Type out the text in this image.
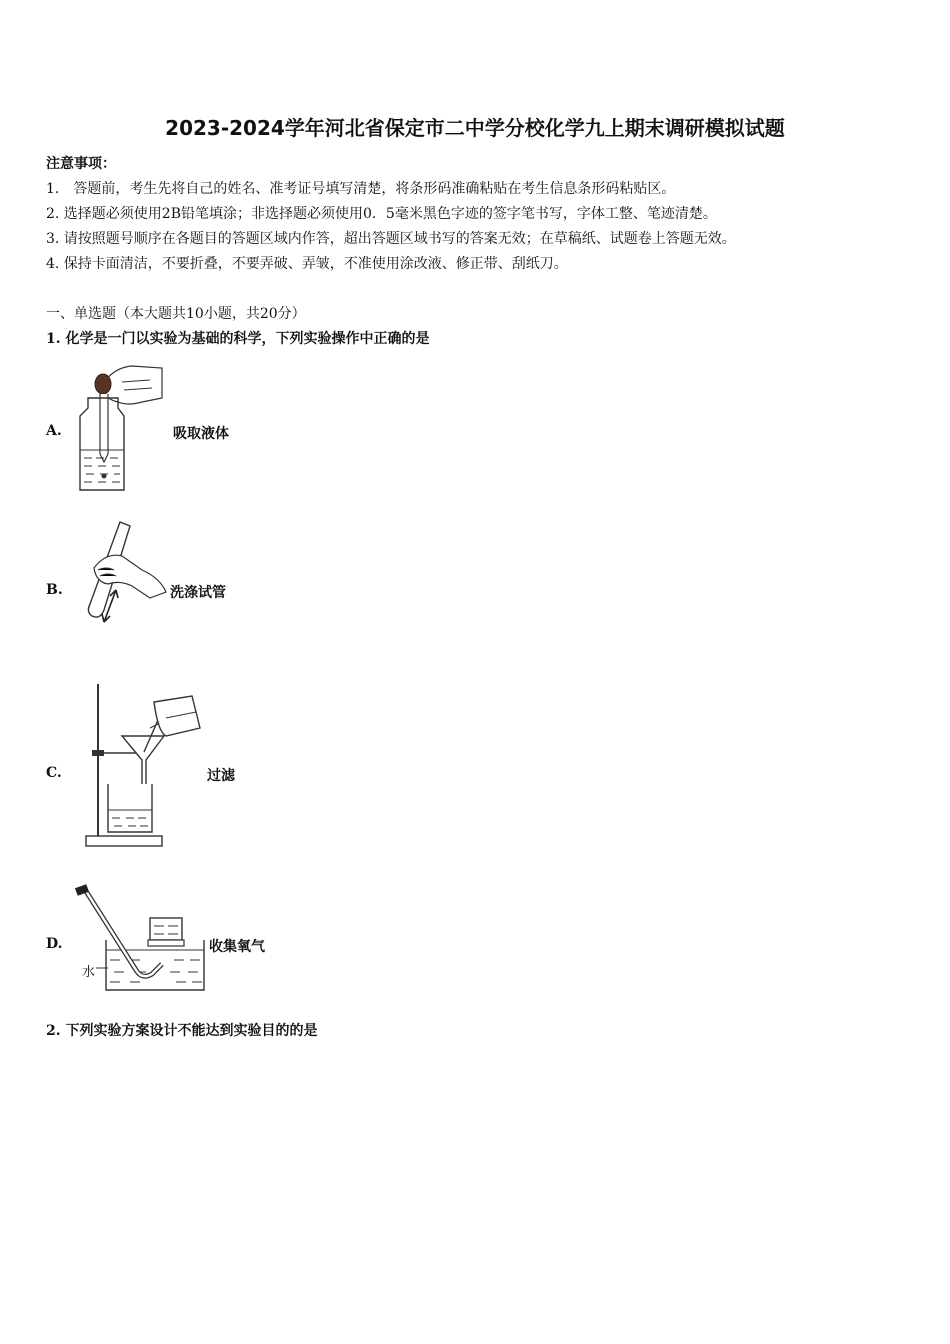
2023-2024学年河北省保定市二中学分校化学九上期末调研模拟试题
注意事项：
1.　答题前，考生先将自己的姓名、准考证号填写清楚，将条形码准确粘贴在考生信息条形码粘贴区。
2. 选择题必须使用2B铅笔填涂；非选择题必须使用0．5毫米黑色字迹的签字笔书写，字体工整、笔迹清楚。
3. 请按照题号顺序在各题目的答题区域内作答，超出答题区域书写的答案无效；在草稿纸、试题卷上答题无效。
4. 保持卡面清洁，不要折叠，不要弄破、弄皱，不准使用涂改液、修正带、刮纸刀。
一、单选题（本大题共10小题，共20分）
1. 化学是一门以实验为基础的科学，下列实验操作中正确的是
A.	吸取液体
B.	洗涤试管
C.	过滤
D.
水
收集氧气
2. 下列实验方案设计不能达到实验目的的是
